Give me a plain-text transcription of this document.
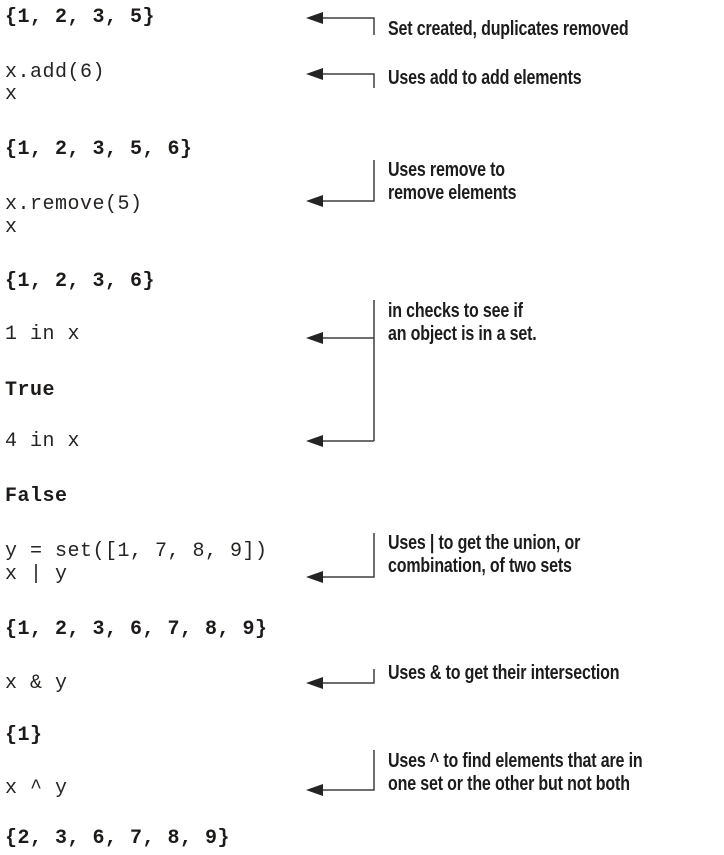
{1, 2, 3, 5}
x.add(6)
x
{1, 2, 3, 5, 6}
x.remove(5)
x
{1, 2, 3, 6}
1 in x
True
4 in x
False
y = set([1, 7, 8, 9])
x | y
{1, 2, 3, 6, 7, 8, 9}
x & y
{1}
x ^ y
{2, 3, 6, 7, 8, 9}
Set created, duplicates removed
Uses add to add elements
Uses remove to
remove elements
in checks to see if
an object is in a set.
Uses | to get the union, or
combination, of two sets
Uses & to get their intersection
Uses ^ to find elements that are in
one set or the other but not both
